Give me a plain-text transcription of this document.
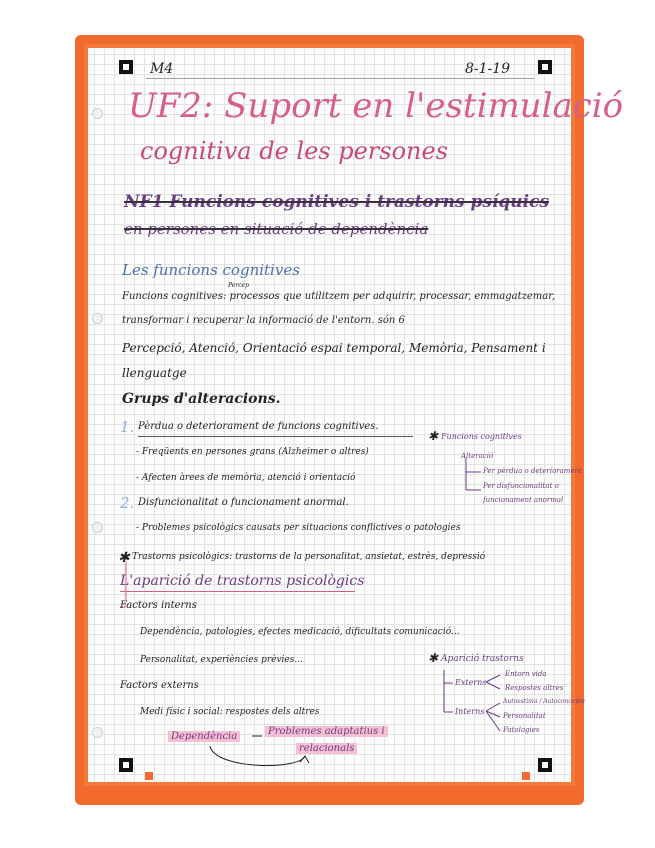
M4	8-1-19
UF2: Suport en l'estimulació
cognitiva de les persones
NF1 Funcions cognitives i trastorns psíquics
en persones en situació de dependència
Les funcions cognitives
Percep
Funcions cognitives: processos que utilitzem per adquirir, processar, emmagatzemar,
transformar i recuperar la informació de l'entorn. són 6
Percepció, Atenció, Orientació espai temporal, Memòria, Pensament i
llenguatge
Grups d'alteracions.
1. Pèrdua o deteriorament de funcions cognitives.
- Freqüents en persones grans (Alzheimer o altres)
- Afecten àrees de memòria, atenció i orientació
2. Disfuncionalitat o funcionament anormal.
- Problemes psicològics causats per situacions conflictives o patologies
✱ Funcions cognitives
Alteració
Per pèrdua o deteriorament
Per disfuncionalitat o
funcionament anormal
✱ Trastorns psicològics: trastorns de la personalitat, ansietat, estrès, depressió
L'aparició de trastorns psicològics
Factors interns
Dependència, patologies, efectes medicació, dificultats comunicació...
Personalitat, experiències prèvies...
Factors externs
Medi físic i social: respostes dels altres
Dependència	Problemes adaptatius i
relacionals
✱ Aparició trastorns
Externs
Interns
Entorn vida
Respostes altres
Autoestima / Autoconcepte
Personalitat
Patologies
